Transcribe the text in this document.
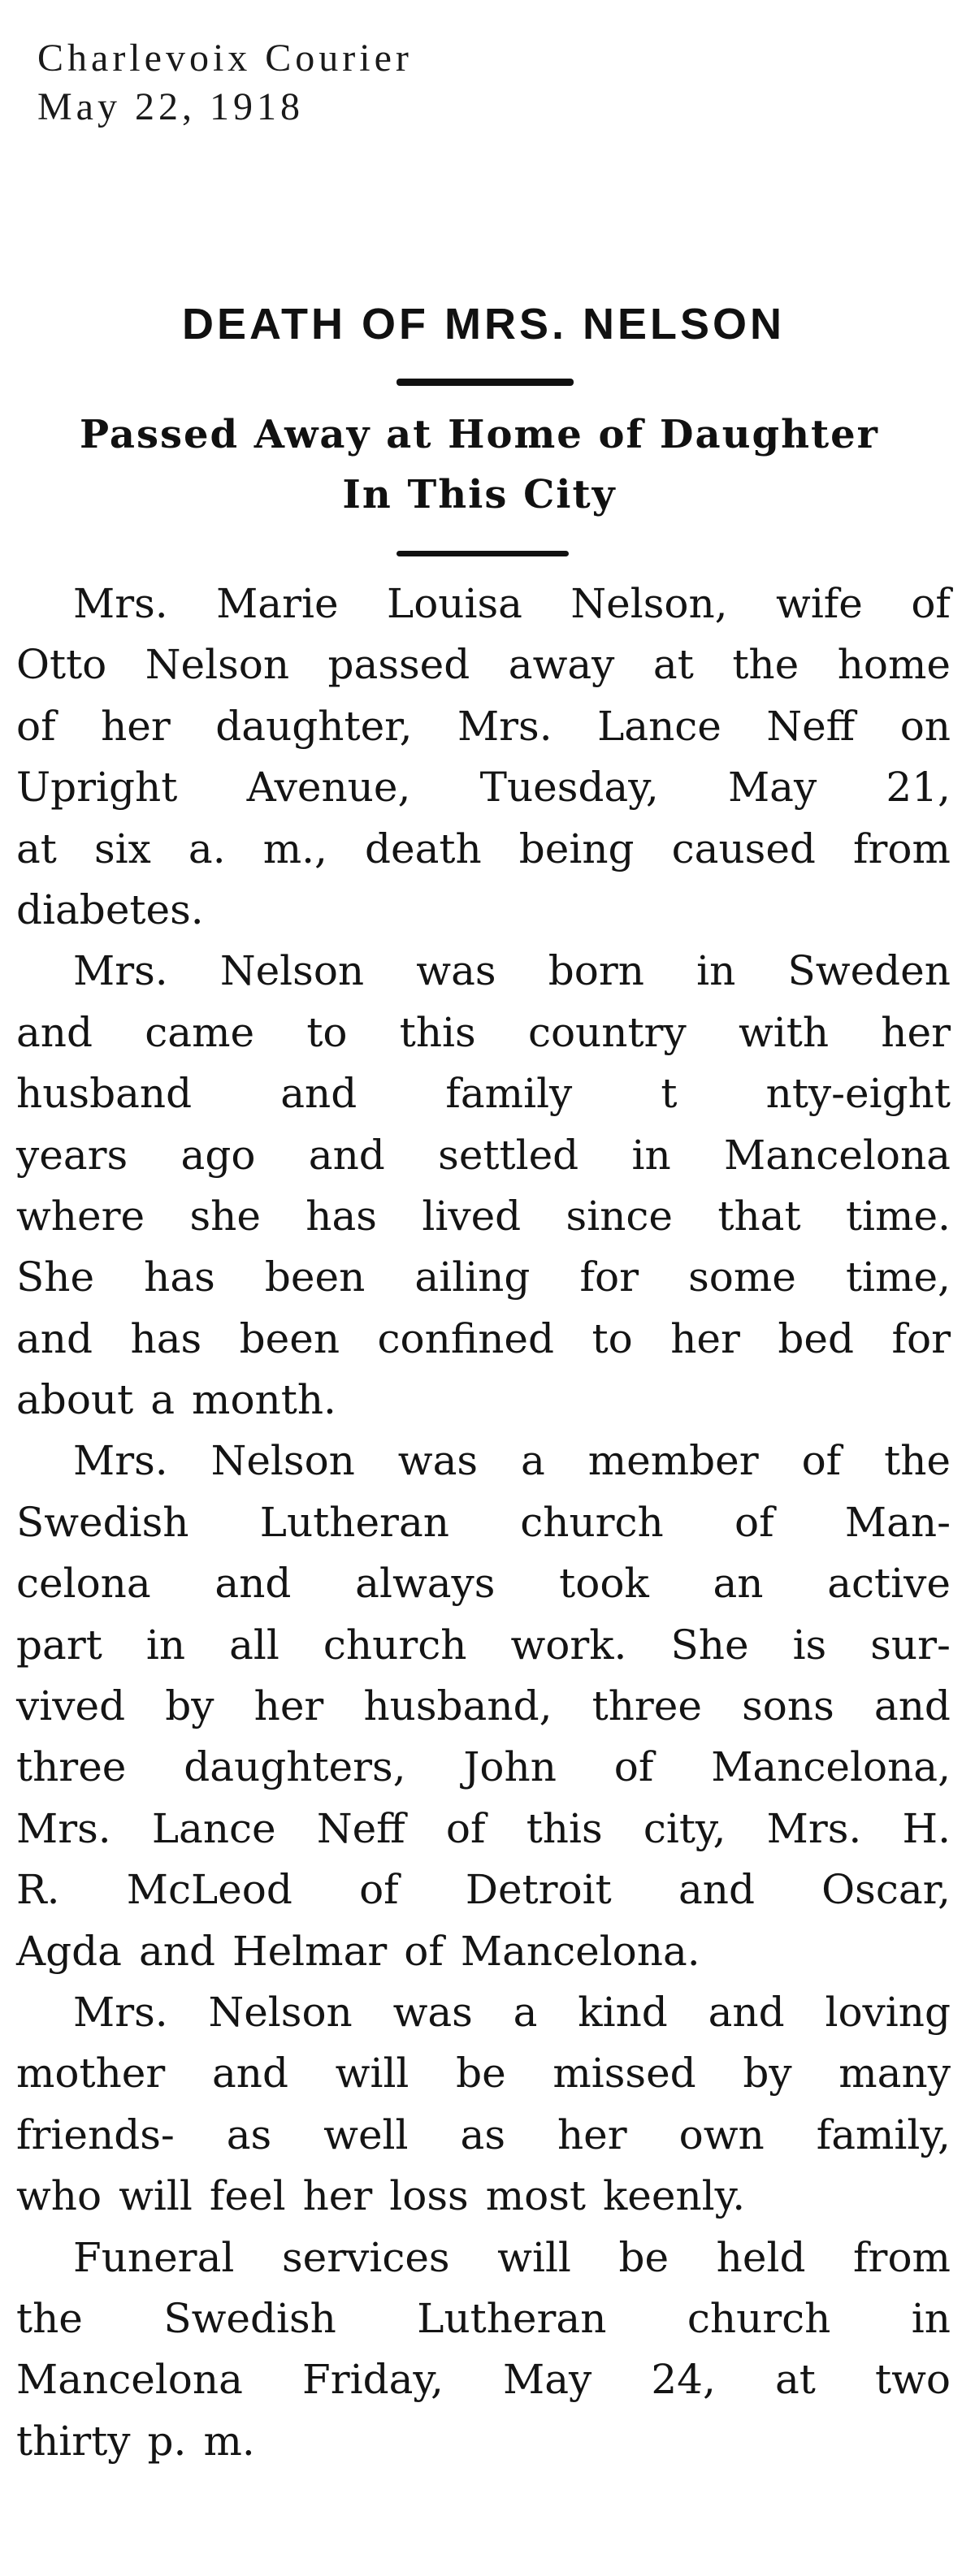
Charlevoix Courier
May 22, 1918
DEATH OF MRS. NELSON
Passed Away at Home of Daughter
In This City
Mrs. Marie Louisa Nelson, wife of
Otto Nelson passed away at the home
of her daughter, Mrs. Lance Neff on
Upright Avenue, Tuesday, May 21,
at six a. m., death being caused from
diabetes.
Mrs. Nelson was born in Sweden
and came to this country with her
husband and family t nty-eight
years ago and settled in Mancelona
where she has lived since that time.
She has been ailing for some time,
and has been confined to her bed for
about a month.
Mrs. Nelson was a member of the
Swedish Lutheran church of Man-
celona and always took an active
part in all church work. She is sur-
vived by her husband, three sons and
three daughters, John of Mancelona,
Mrs. Lance Neff of this city, Mrs. H.
R. McLeod of Detroit and Oscar,
Agda and Helmar of Mancelona.
Mrs. Nelson was a kind and loving
mother and will be missed by many
friends- as well as her own family,
who will feel her loss most keenly.
Funeral services will be held from
the Swedish Lutheran church in
Mancelona Friday, May 24, at two
thirty p. m.
